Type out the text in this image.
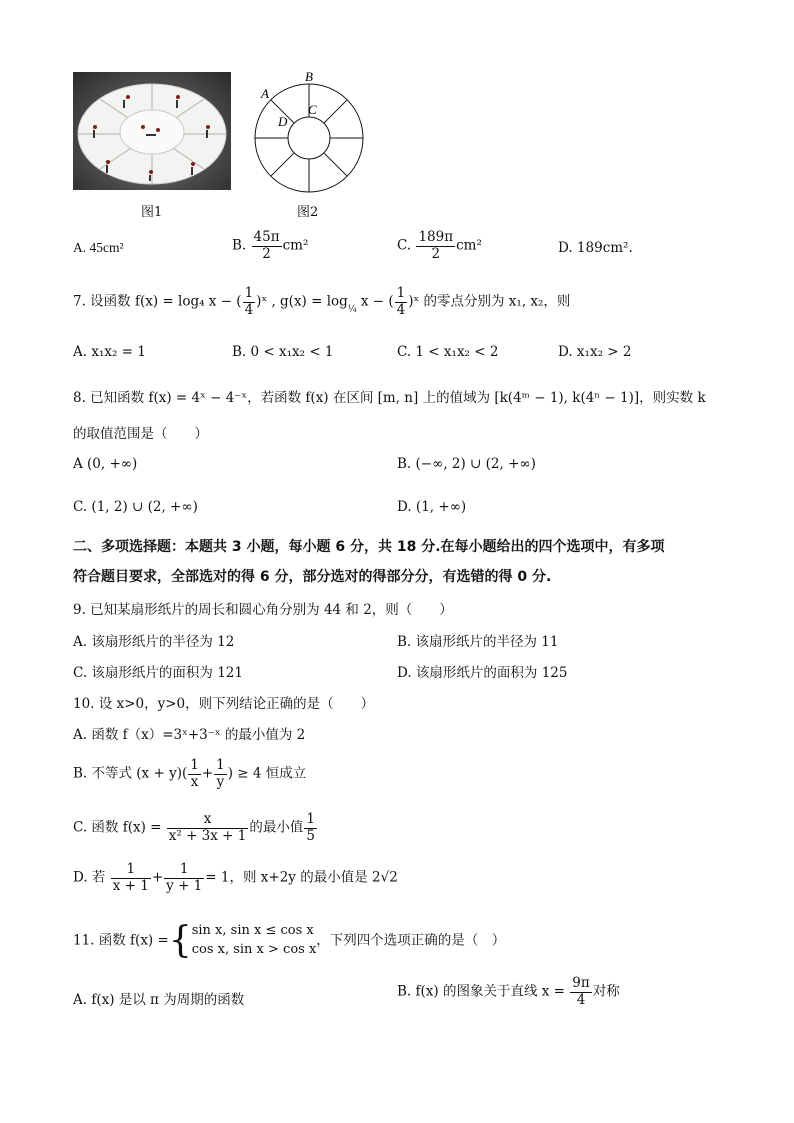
图1
B
A
C
D
图2
A. 45cm²	B. $\frac{45\pi}{2} cm^2$	C. $\frac{189\pi}{2} cm^2$	D. 189cm².
7. 设函数 f(x) = log₄ x − ( $\frac{1}{4}$ )ˣ , $g(x) = \log_{\frac{1}{4}} x$ − ( $\frac{1}{4}$ )ˣ 的零点分别为 x₁, x₂，则
A. x₁x₂ = 1	B. 0 < x₁x₂ < 1	C. 1 < x₁x₂ < 2	D. x₁x₂ > 2
8. 已知函数 f(x) = 4ˣ − 4⁻ˣ，若函数 f(x) 在区间 [m, n] 上的值域为 [k(4ᵐ − 1), k(4ⁿ − 1)]，则实数 k
的取值范围是（　　）
A (0, +∞)	B. (−∞, 2) ∪ (2, +∞)
C. (1, 2) ∪ (2, +∞)	D. (1, +∞)
二、多项选择题：本题共 3 小题，每小题 6 分，共 18 分.在每小题给出的四个选项中，有多项
符合题目要求，全部选对的得 6 分，部分选对的得部分分，有选错的得 0 分.
9. 已知某扇形纸片的周长和圆心角分别为 44 和 2，则（　　）
A. 该扇形纸片的半径为 12	B. 该扇形纸片的半径为 11
C. 该扇形纸片的面积为 121	D. 该扇形纸片的面积为 125
10. 设 x>0，y>0，则下列结论正确的是（　　）
A. 函数 f（x）=3ˣ+3⁻ˣ 的最小值为 2
B. 不等式 $(x + y)( \frac{1}{x} + \frac{1}{y}$ ) ≥ 4 恒成立
C. 函数 $f(x) = \frac{x}{\text{x² + 3x + 1}}$ 的最小值 $\frac{1}{5}$
D. 若 $\frac{1}{x + 1} + \frac{1}{y + 1} = 1$，则 x+2y 的最小值是 2√2
11. 函数 f(x) ={ sin x, sin x ≤ cos x
cos x, sin x > cos x
，下列四个选项正确的是（　）
A. f(x) 是以 π 为周期的函数
B. f(x) 的图象关于直线 $x = \frac{9\pi}{4}$ 对称
